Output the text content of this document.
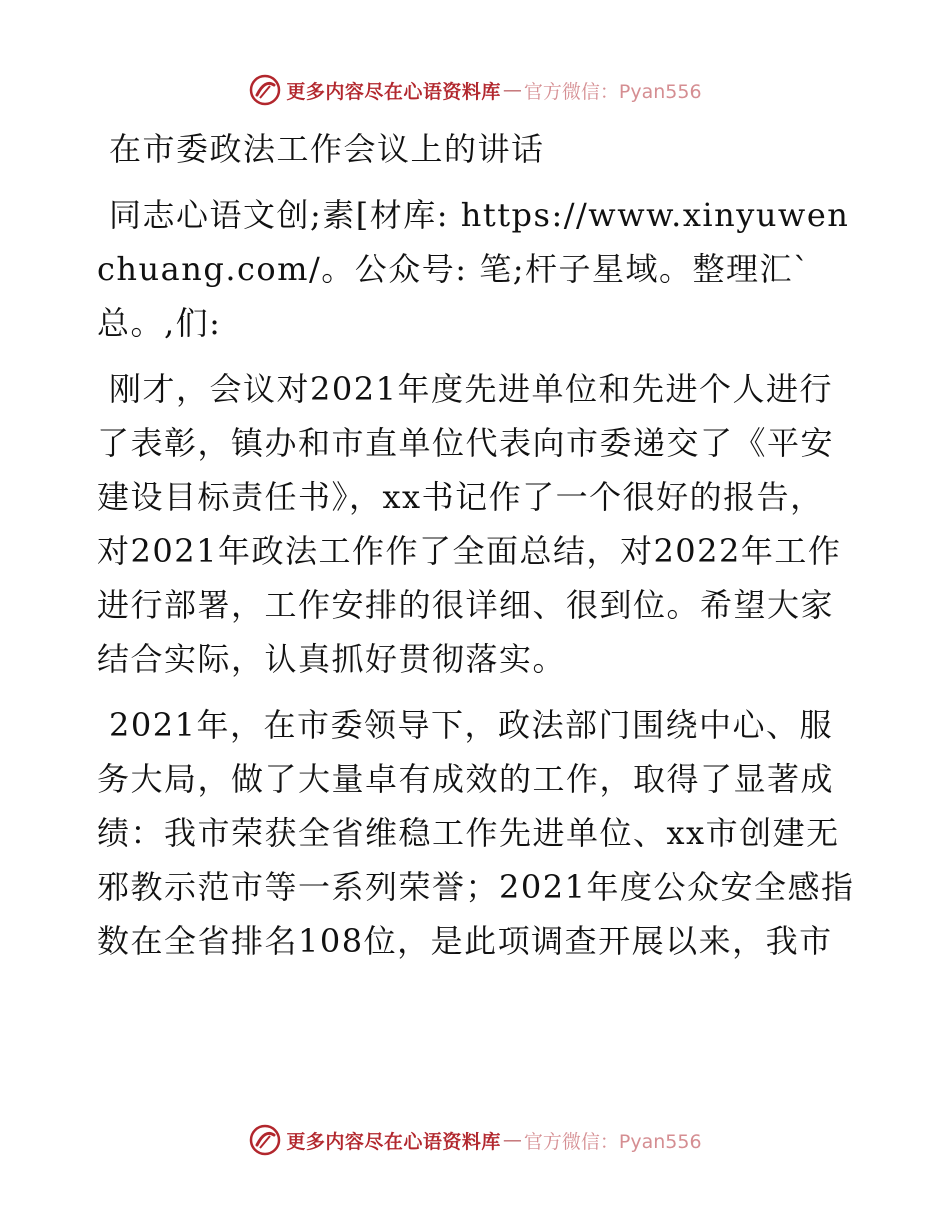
更多内容尽在心语资料库 — 官方微信：Pyan556

在市委政法工作会议上的讲话

同志心语文创;素[材库: https://www.xinyuwenchuang.com/。公众号: 笔;杆子星域。整理汇`总。,们:

刚才，会议对2021年度先进单位和先进个人进行了表彰，镇办和市直单位代表向市委递交了《平安建设目标责任书》，xx书记作了一个很好的报告，对2021年政法工作作了全面总结，对2022年工作进行部署，工作安排的很详细、很到位。希望大家结合实际，认真抓好贯彻落实。

2021年，在市委领导下，政法部门围绕中心、服务大局，做了大量卓有成效的工作，取得了显著成绩：我市荣获全省维稳工作先进单位、xx市创建无邪教示范市等一系列荣誉；2021年度公众安全感指数在全省排名108位，是此项调查开展以来，我市

更多内容尽在心语资料库 — 官方微信：Pyan556
